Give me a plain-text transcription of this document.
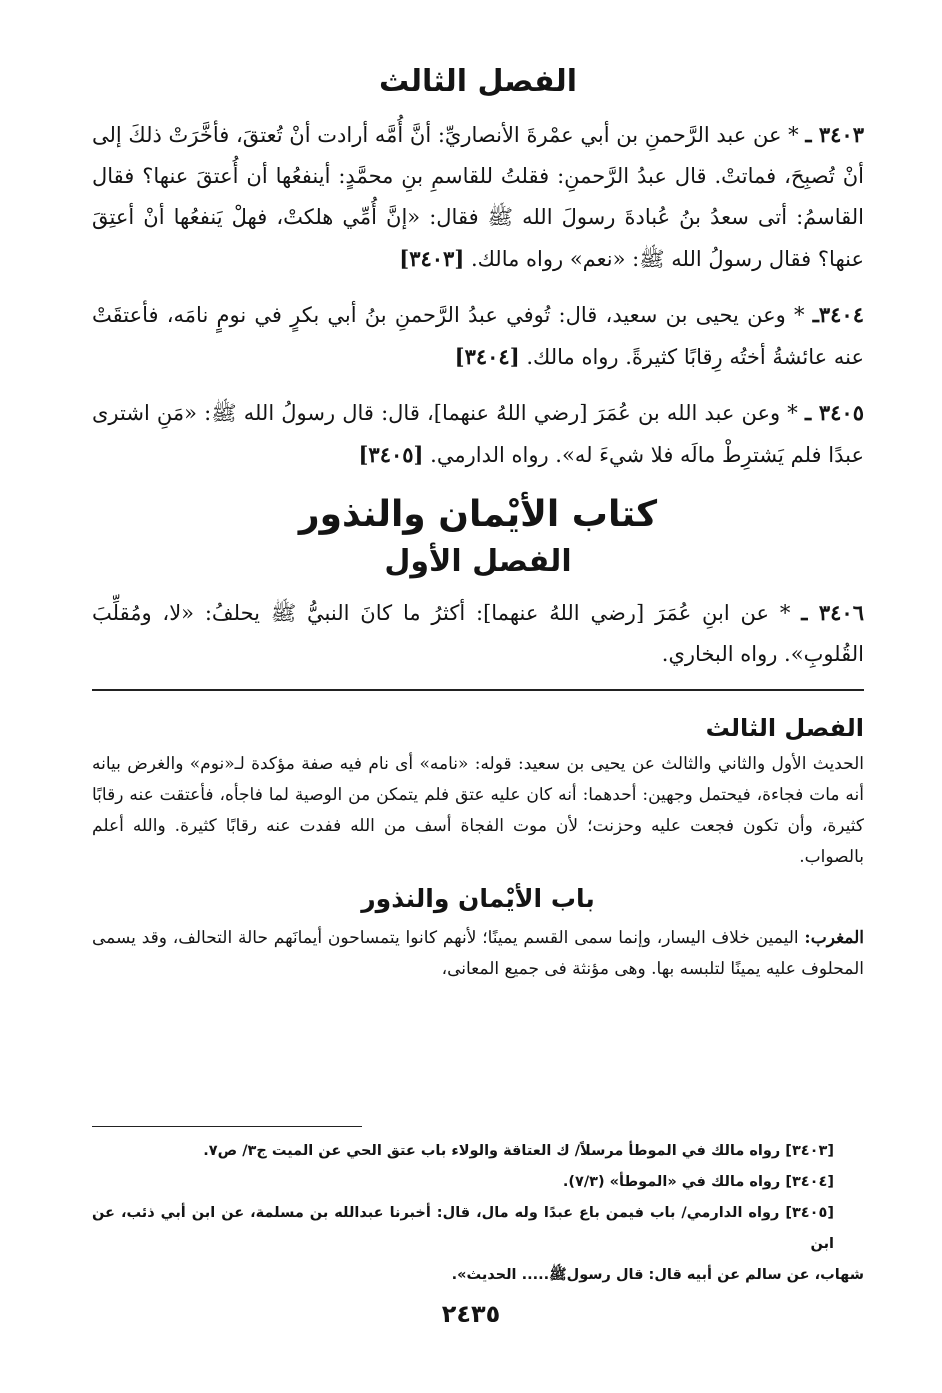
الفصل الثالث

٣٤٠٣ ـ * عن عبد الرَّحمنِ بن أبي عمْرةَ الأنصاريِّ: أنَّ أُمَّه أرادت أنْ تُعتقَ، فأخَّرَتْ ذلكَ إلى أنْ تُصبِحَ، فماتتْ. قال عبدُ الرَّحمنِ: فقلتُ للقاسمِ بنِ محمَّدٍ: أينفعُها أن أُعتقَ عنها؟ فقال القاسمُ: أتى سعدُ بنُ عُبادةَ رسولَ الله ﷺ فقال: «إنَّ أُمِّي هلكتْ، فهلْ يَنفعُها أنْ أعتِقَ عنها؟ فقال رسولُ الله ﷺ: «نعم» رواه مالك. [٣٤٠٣]

٣٤٠٤ـ * وعن يحيى بن سعيد، قال: تُوفي عبدُ الرَّحمنِ بنُ أبي بكرٍ في نومٍ نامَه، فأعتقَتْ عنه عائشةُ أختُه رِقابًا كثيرةً. رواه مالك. [٣٤٠٤]

٣٤٠٥ ـ * وعن عبد الله بن عُمَرَ [رضي اللهُ عنهما]، قال: قال رسولُ الله ﷺ: «مَنِ اشترى عبدًا فلم يَشترِطْ مالَه فلا شيءَ له». رواه الدارمي. [٣٤٠٥]

كتاب الأيْمان والنذور
الفصل الأول

٣٤٠٦ ـ * عن ابنِ عُمَرَ [رضي اللهُ عنهما]: أكثرُ ما كانَ النبيُّ ﷺ يحلفُ: «لا، ومُقلِّبَ القُلوبِ». رواه البخاري.

الفصل الثالث

الحديث الأول والثاني والثالث عن يحيى بن سعيد: قوله: «نامه» أى نام فيه صفة مؤكدة لـ«نوم» والغرض بيانه أنه مات فجاءة، فيحتمل وجهين: أحدهما: أنه كان عليه عتق فلم يتمكن من الوصية لما فاجأه، فأعتقت عنه رقابًا كثيرة، وأن تكون فجعت عليه وحزنت؛ لأن موت الفجاة أسف من الله ففدت عنه رقابًا كثيرة. والله أعلم بالصواب.

باب الأيْمان والنذور

المغرب: اليمين خلاف اليسار، وإنما سمى القسم يمينًا؛ لأنهم كانوا يتمساحون أيمانَهم حالة التحالف، وقد يسمى المحلوف عليه يمينًا لتلبسه بها. وهى مؤنثة فى جميع المعانى،

[٣٤٠٣] رواه مالك في الموطأ مرسلاً/ ك العتاقة والولاء باب عتق الحي عن الميت ج٣/ ص٧.

[٣٤٠٤] رواه مالك في «الموطأ» (٧/٣).

[٣٤٠٥] رواه الدارمي/ باب فيمن باع عبدًا وله مال، قال: أخبرنا عبدالله بن مسلمة، عن ابن أبي ذئب، عن ابن

شهاب، عن سالم عن أبيه قال: قال رسولﷺ..... الحديث».

٢٤٣٥
